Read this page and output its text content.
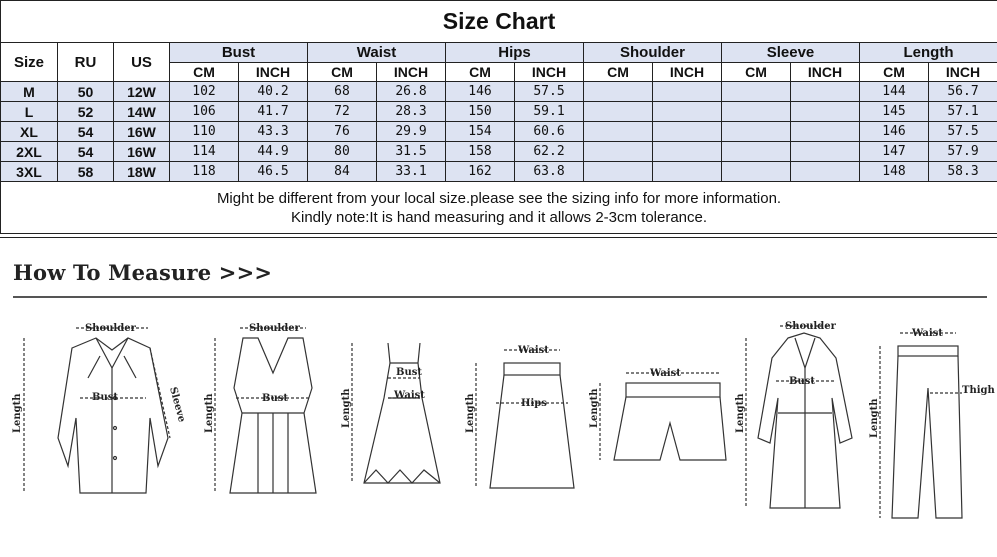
Size Chart														
Size	RU	US	Bust		Waist		Hips		Shoulder		Sleeve		Length	
			CM	INCH	CM	INCH	CM	INCH	CM	INCH	CM	INCH	CM	INCH
M	50	12W	102	40.2	68	26.8	146	57.5					144	56.7
L	52	14W	106	41.7	72	28.3	150	59.1					145	57.1
XL	54	16W	110	43.3	76	29.9	154	60.6					146	57.5
2XL	54	16W	114	44.9	80	31.5	158	62.2					147	57.9
3XL	58	18W	118	46.5	84	33.1	162	63.8					148	58.3

Might be different from your local size.please see the sizing info for more information.
Kindly note:It is hand measuring and it allows 2-3cm tolerance.														
How To Measure >>>
Shoulder
Bust
Length	Sleeve
Shoulder
Bust
Length
Bust
Waist
Length
Waist
Hips
Length
Waist
Length
Shoulder
Bust
Length
Waist
Thigh
Length
